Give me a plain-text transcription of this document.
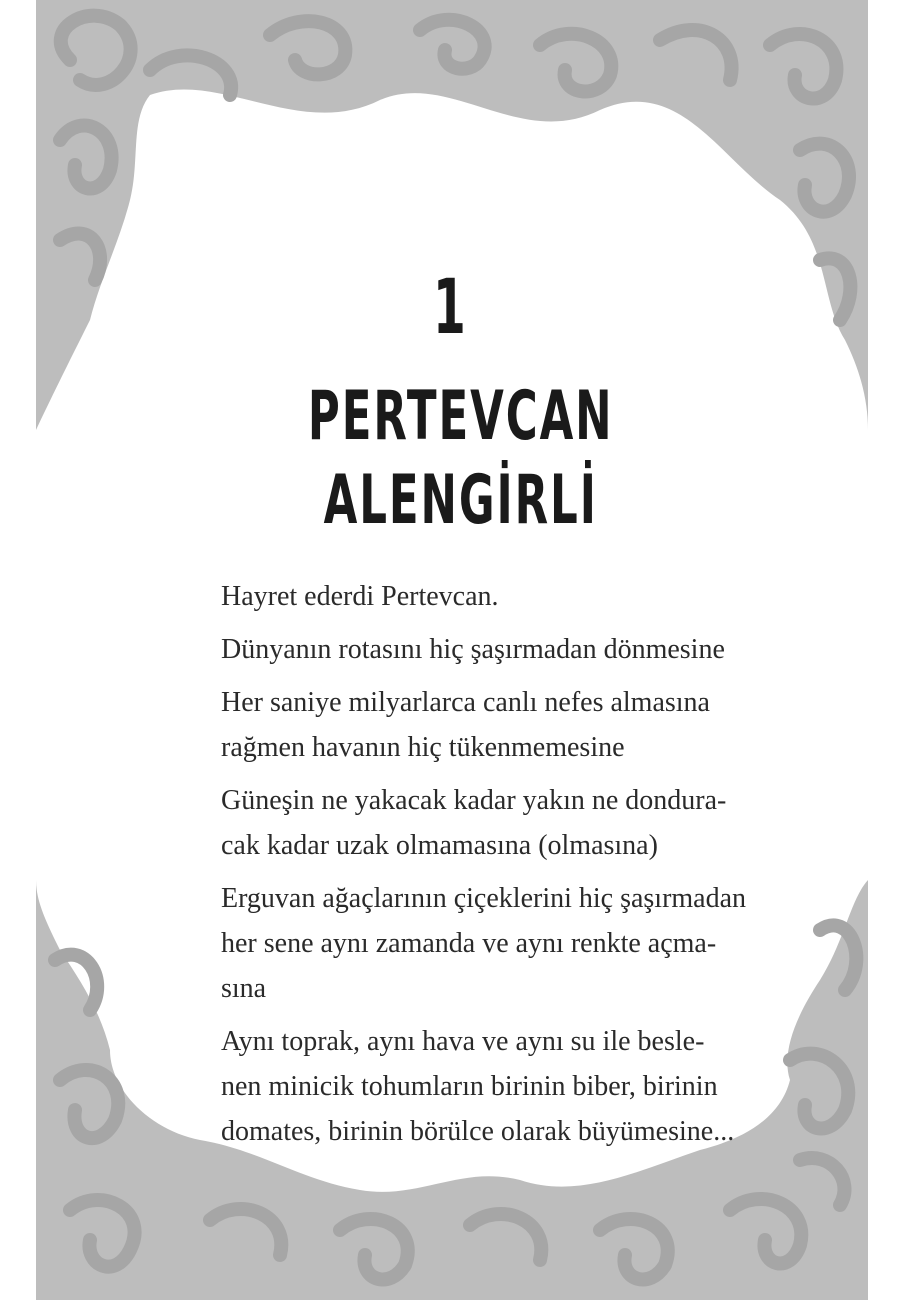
1
PERTEVCAN ALENGİRLİ

Hayret ederdi Pertevcan.

Dünyanın rotasını hiç şaşırmadan dönmesine

Her saniye milyarlarca canlı nefes almasına
rağmen havanın hiç tükenmemesine

Güneşin ne yakacak kadar yakın ne dondura-
cak kadar uzak olmamasına (olmasına)

Erguvan ağaçlarının çiçeklerini hiç şaşırmadan
her sene aynı zamanda ve aynı renkte açma-
sına

Aynı toprak, aynı hava ve aynı su ile besle-
nen minicik tohumların birinin biber, birinin
domates, birinin börülce olarak büyümesine...
